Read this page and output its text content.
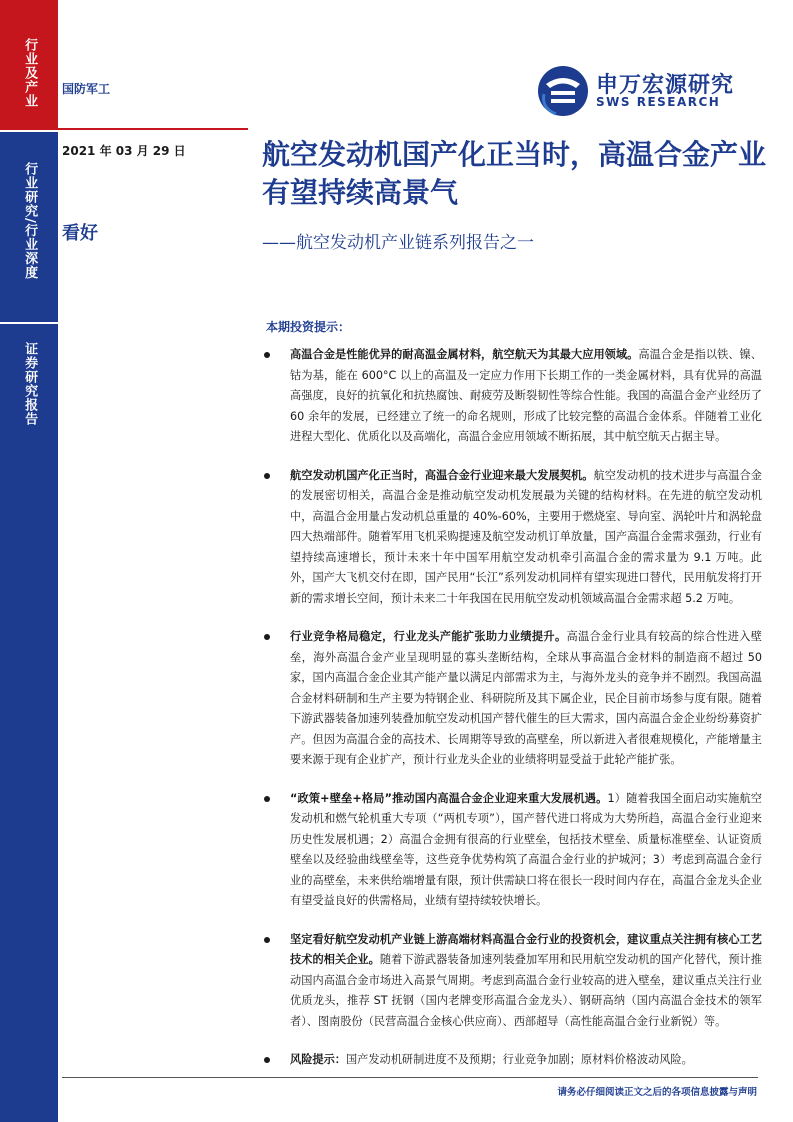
行业及产业
行业研究/行业深度
证券研究报告
国防军工	申万宏源研究
SWS RESEARCH
2021 年 03 月 29 日
看好
航空发动机国产化正当时，高温合金产业有望持续高景气
——航空发动机产业链系列报告之一
本期投资提示：
高温合金是性能优异的耐高温金属材料，航空航天为其最大应用领域。高温合金是指以铁、镍、钴为基，能在 600°C 以上的高温及一定应力作用下长期工作的一类金属材料，具有优异的高温高强度，良好的抗氧化和抗热腐蚀、耐疲劳及断裂韧性等综合性能。我国的高温合金产业经历了 60 余年的发展，已经建立了统一的命名规则，形成了比较完整的高温合金体系。伴随着工业化进程大型化、优质化以及高端化，高温合金应用领域不断拓展，其中航空航天占据主导。
航空发动机国产化正当时，高温合金行业迎来最大发展契机。航空发动机的技术进步与高温合金的发展密切相关，高温合金是推动航空发动机发展最为关键的结构材料。在先进的航空发动机中，高温合金用量占发动机总重量的 40%-60%，主要用于燃烧室、导向室、涡轮叶片和涡轮盘四大热端部件。随着军用飞机采购提速及航空发动机订单放量，国产高温合金需求强劲，行业有望持续高速增长，预计未来十年中国军用航空发动机牵引高温合金的需求量为 9.1 万吨。此外，国产大飞机交付在即，国产民用“长江”系列发动机同样有望实现进口替代，民用航发将打开新的需求增长空间，预计未来二十年我国在民用航空发动机领域高温合金需求超 5.2 万吨。
行业竞争格局稳定，行业龙头产能扩张助力业绩提升。高温合金行业具有较高的综合性进入壁垒，海外高温合金产业呈现明显的寡头垄断结构，全球从事高温合金材料的制造商不超过 50 家，国内高温合金企业其产能产量以满足内部需求为主，与海外龙头的竞争并不剧烈。我国高温合金材料研制和生产主要为特钢企业、科研院所及其下属企业，民企目前市场参与度有限。随着下游武器装备加速列装叠加航空发动机国产替代催生的巨大需求，国内高温合金企业纷纷募资扩产。但因为高温合金的高技术、长周期等导致的高壁垒，所以新进入者很难规模化，产能增量主要来源于现有企业扩产，预计行业龙头企业的业绩将明显受益于此轮产能扩张。
“政策+壁垒+格局”推动国内高温合金企业迎来重大发展机遇。1）随着我国全面启动实施航空发动机和燃气轮机重大专项（“两机专项”），国产替代进口将成为大势所趋，高温合金行业迎来历史性发展机遇；2）高温合金拥有很高的行业壁垒，包括技术壁垒、质量标准壁垒、认证资质壁垒以及经验曲线壁垒等，这些竞争优势构筑了高温合金行业的护城河；3）考虑到高温合金行业的高壁垒，未来供给端增量有限，预计供需缺口将在很长一段时间内存在，高温合金龙头企业有望受益良好的供需格局，业绩有望持续较快增长。
坚定看好航空发动机产业链上游高端材料高温合金行业的投资机会，建议重点关注拥有核心工艺技术的相关企业。随着下游武器装备加速列装叠加军用和民用航空发动机的国产化替代，预计推动国内高温合金市场进入高景气周期。考虑到高温合金行业较高的进入壁垒，建议重点关注行业优质龙头，推荐 ST 抚钢（国内老牌变形高温合金龙头）、钢研高纳（国内高温合金技术的领军者）、图南股份（民营高温合金核心供应商）、西部超导（高性能高温合金行业新锐）等。
风险提示：国产发动机研制进度不及预期；行业竞争加剧；原材料价格波动风险。
请务必仔细阅读正文之后的各项信息披露与声明
